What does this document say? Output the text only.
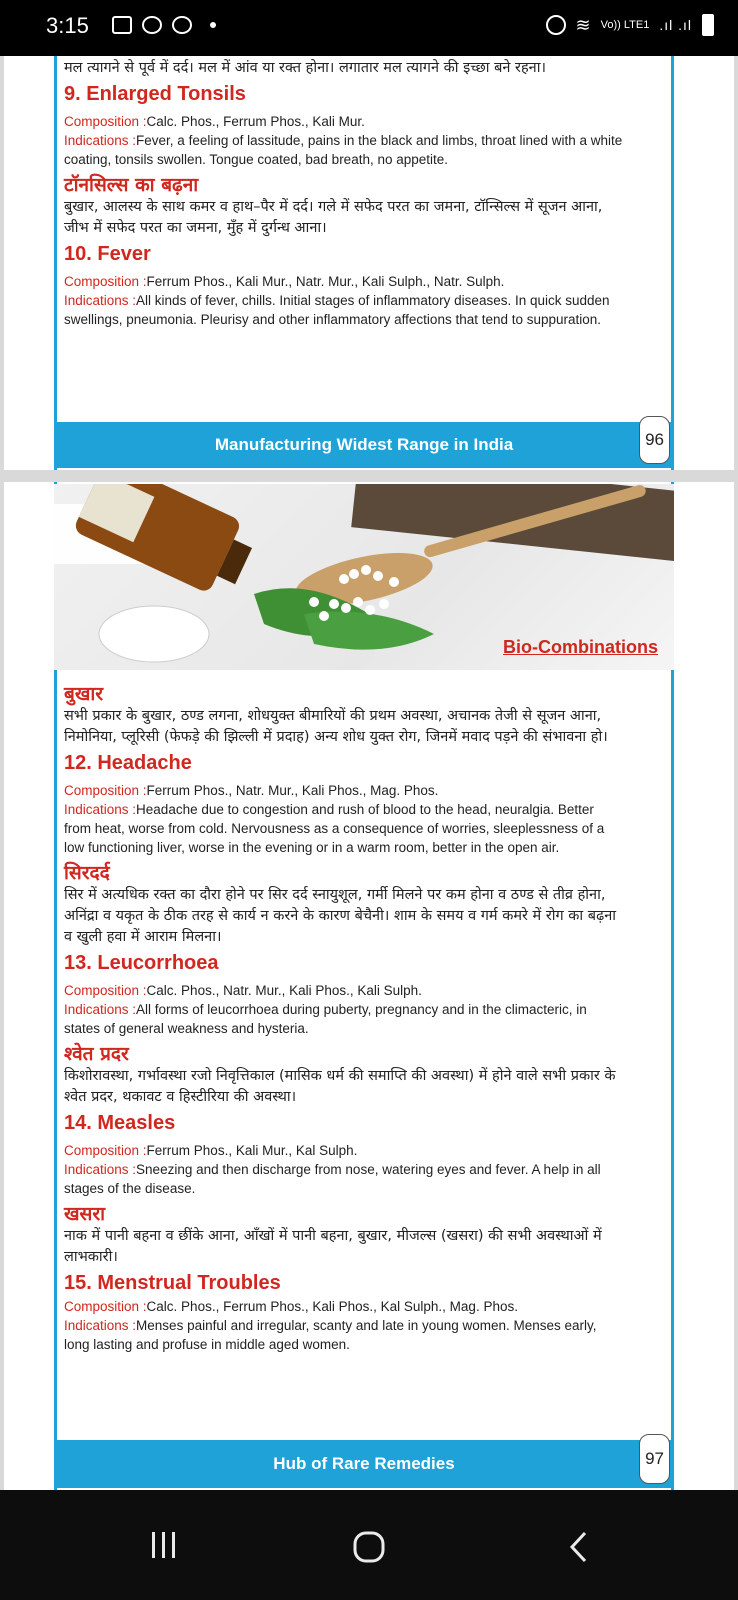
3:15	≋ Vo)) LTE1 .ıl .ıl

मल त्यागने से पूर्व में दर्द। मल में आंव या रक्त होना। लगातार मल त्यागने की इच्छा बने रहना।

9. Enlarged Tonsils

Composition :Calc. Phos., Ferrum Phos., Kali Mur.

Indications :Fever, a feeling of lassitude, pains in the black and limbs, throat lined with a white coating, tonsils swollen. Tongue coated, bad breath, no appetite.

टॉनसिल्स का बढ़ना

बुखार, आलस्य के साथ कमर व हाथ–पैर में दर्द। गले में सफेद परत का जमना, टॉन्सिल्स में सूजन आना, जीभ में सफेद परत का जमना, मुँह में दुर्गन्ध आना।

10. Fever

Composition :Ferrum Phos., Kali Mur., Natr. Mur., Kali Sulph., Natr. Sulph.

Indications :All kinds of fever, chills. Initial stages of inflammatory diseases. In quick sudden swellings, pneumonia. Pleurisy and other inflammatory affections that tend to suppuration.

Manufacturing Widest Range in India	96
Bio-Combinations
बुखार

सभी प्रकार के बुखार, ठण्ड लगना, शोधयुक्त बीमारियों की प्रथम अवस्था, अचानक तेजी से सूजन आना, निमोनिया, प्लूरिसी (फेफड़े की झिल्ली में प्रदाह) अन्य शोध युक्त रोग, जिनमें मवाद पड़ने की संभावना हो।

12. Headache

Composition :Ferrum Phos., Natr. Mur., Kali Phos., Mag. Phos.

Indications :Headache due to congestion and rush of blood to the head, neuralgia. Better from heat, worse from cold. Nervousness as a consequence of worries, sleeplessness of a low functioning liver, worse in the evening or in a warm room, better in the open air.

सिरदर्द

सिर में अत्यधिक रक्त का दौरा होने पर सिर दर्द स्नायुशूल, गर्मी मिलने पर कम होना व ठण्ड से तीव्र होना, अनिंद्रा व यकृत के ठीक तरह से कार्य न करने के कारण बेचैनी। शाम के समय व गर्म कमरे में रोग का बढ़ना व खुली हवा में आराम मिलना।

13. Leucorrhoea

Composition :Calc. Phos., Natr. Mur., Kali Phos., Kali Sulph.

Indications :All forms of leucorrhoea during puberty, pregnancy and in the climacteric, in states of general weakness and hysteria.

श्वेत प्रदर

किशोरावस्था, गर्भावस्था रजो निवृत्तिकाल (मासिक धर्म की समाप्ति की अवस्था) में होने वाले सभी प्रकार के श्वेत प्रदर, थकावट व हिस्टीरिया की अवस्था।

14. Measles

Composition :Ferrum Phos., Kali Mur., Kal Sulph.

Indications :Sneezing and then discharge from nose, watering eyes and fever. A help in all stages of the disease.

खसरा

नाक में पानी बहना व छींके आना, आँखों में पानी बहना, बुखार, मीजल्स (खसरा) की सभी अवस्थाओं में लाभकारी।

15. Menstrual Troubles

Composition :Calc. Phos., Ferrum Phos., Kali Phos., Kal Sulph., Mag. Phos.

Indications :Menses painful and irregular, scanty and late in young women. Menses early, long lasting and profuse in middle aged women.

Hub of Rare Remedies	97
